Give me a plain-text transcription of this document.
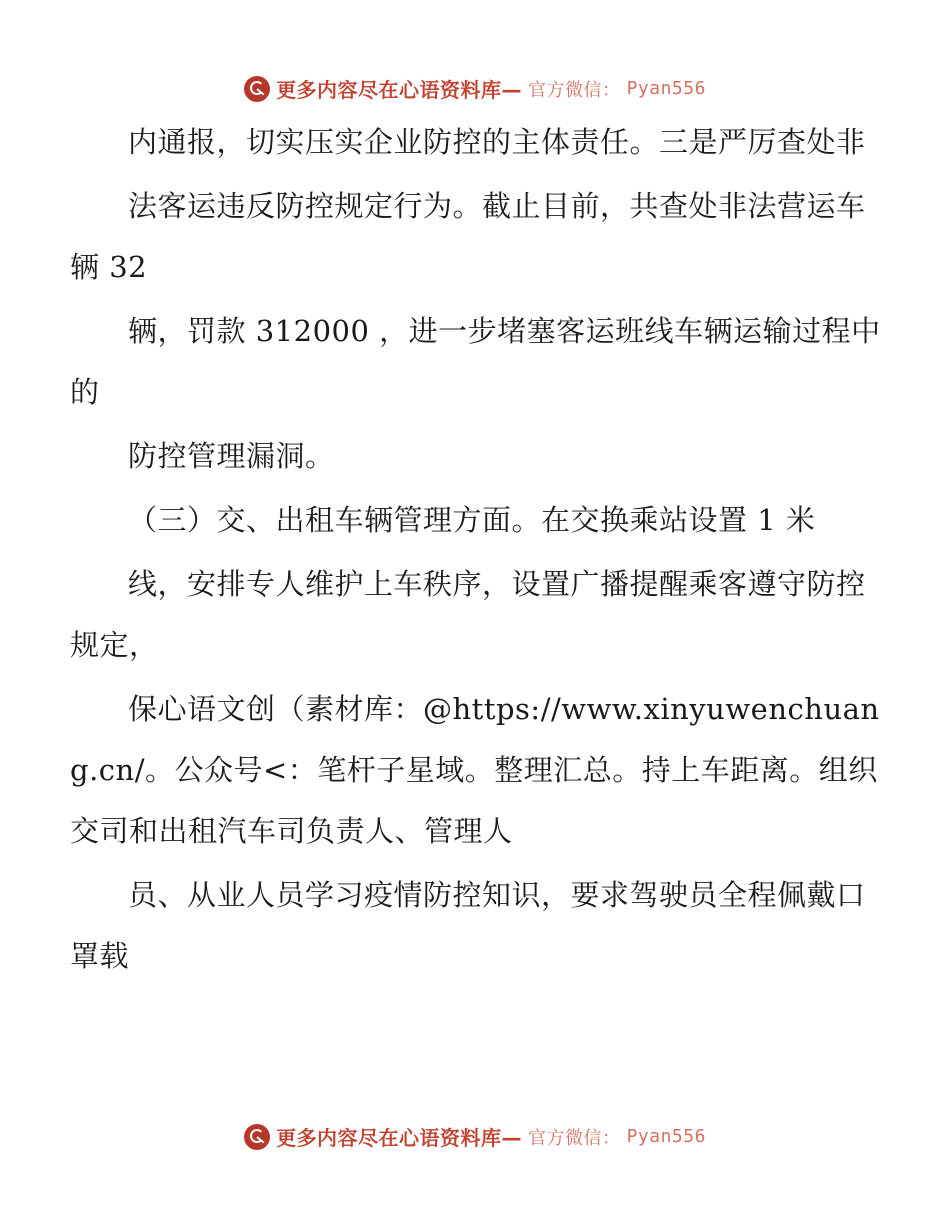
更多内容尽在心语资料库— 官方微信： Pyan556

内通报，切实压实企业防控的主体责任。三是严厉查处非

法客运违反防控规定行为。截止目前，共查处非法营运车辆 32

辆，罚款 312000 ，进一步堵塞客运班线车辆运输过程中的

防控管理漏洞。

（三）交、出租车辆管理方面。在交换乘站设置 1 米

线，安排专人维护上车秩序，设置广播提醒乘客遵守防控规定，

保心语文创（素材库：@https://www.xinyuwenchuang.cn/。公众号<：笔杆子星域。整理汇总。持上车距离。组织交司和出租汽车司负责人、管理人

员、从业人员学习疫情防控知识，要求驾驶员全程佩戴口罩载

更多内容尽在心语资料库— 官方微信： Pyan556
